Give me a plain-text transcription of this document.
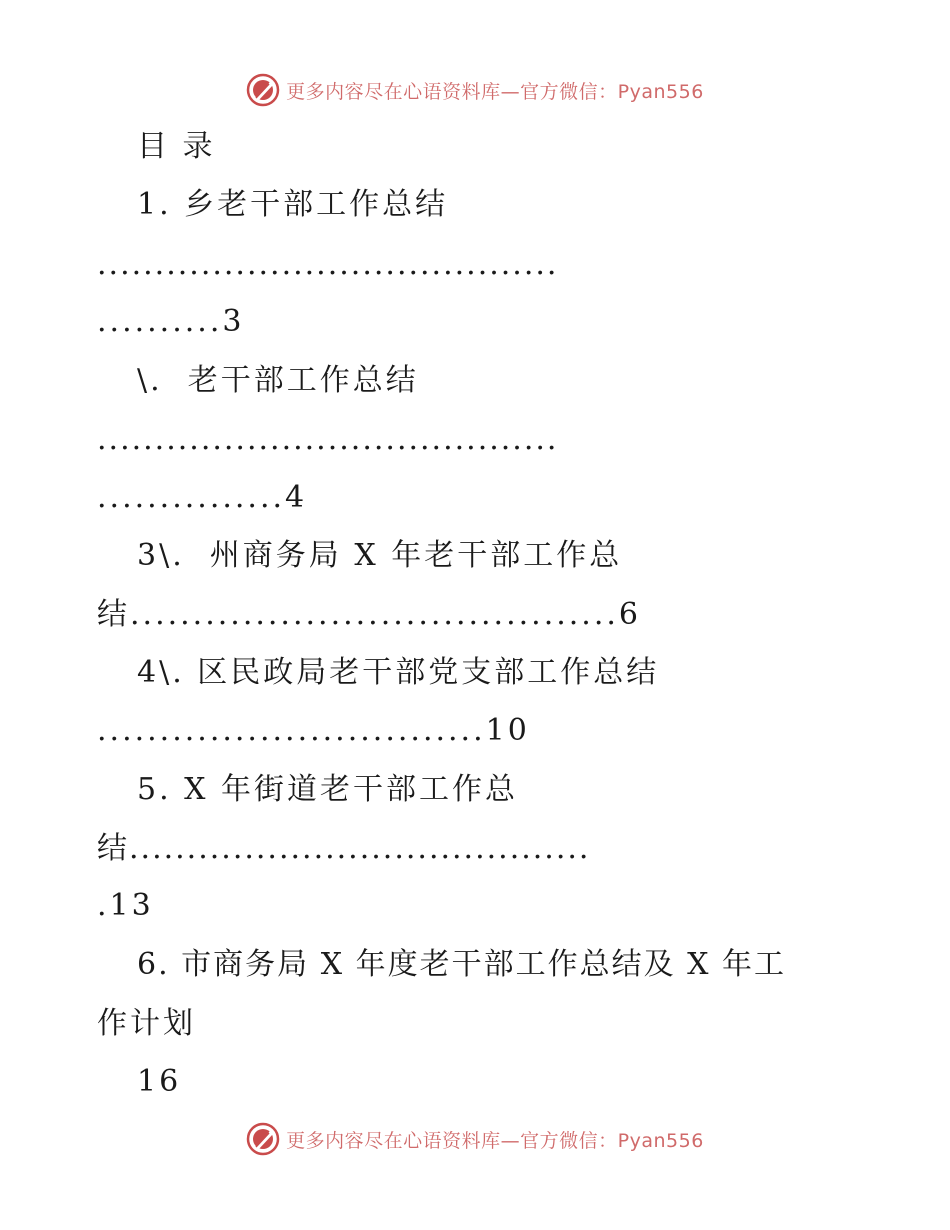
更多内容尽在心语资料库—官方微信：Pyan556
目 录
1. 乡老干部工作总结
........................................
..........3
\.  老干部工作总结
........................................
...............4
3\.  州商务局 X 年老干部工作总
结.......................................6
4\. 区民政局老干部党支部工作总结
...............................10
5. X 年街道老干部工作总
结........................................
.13
6. 市商务局 X 年度老干部工作总结及 X 年工
作计划
16
更多内容尽在心语资料库—官方微信：Pyan556
